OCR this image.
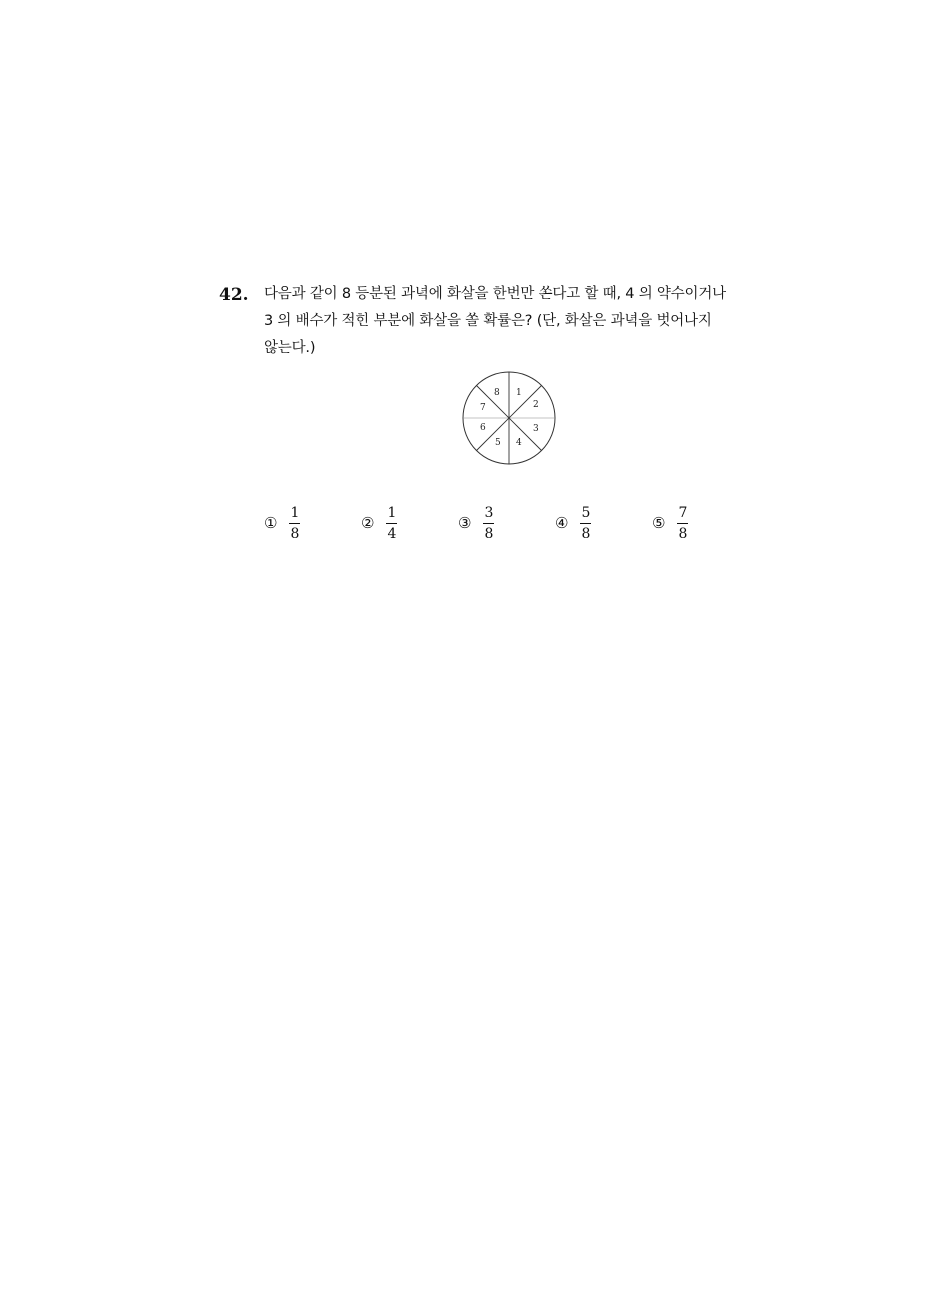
42. 다음과 같이 8 등분된 과녁에 화살을 한번만 쏜다고 할 때, 4 의 약수이거나
3 의 배수가 적힌 부분에 화살을 쏠 확률은? (단, 화살은 과녁을 벗어나지
않는다.)
1
2
3
4
5
6
7
8
① $\frac{1}{8}$	② $\frac{1}{4}$	③ $\frac{3}{8}$	④ $\frac{5}{8}$	⑤ $\frac{7}{8}$
